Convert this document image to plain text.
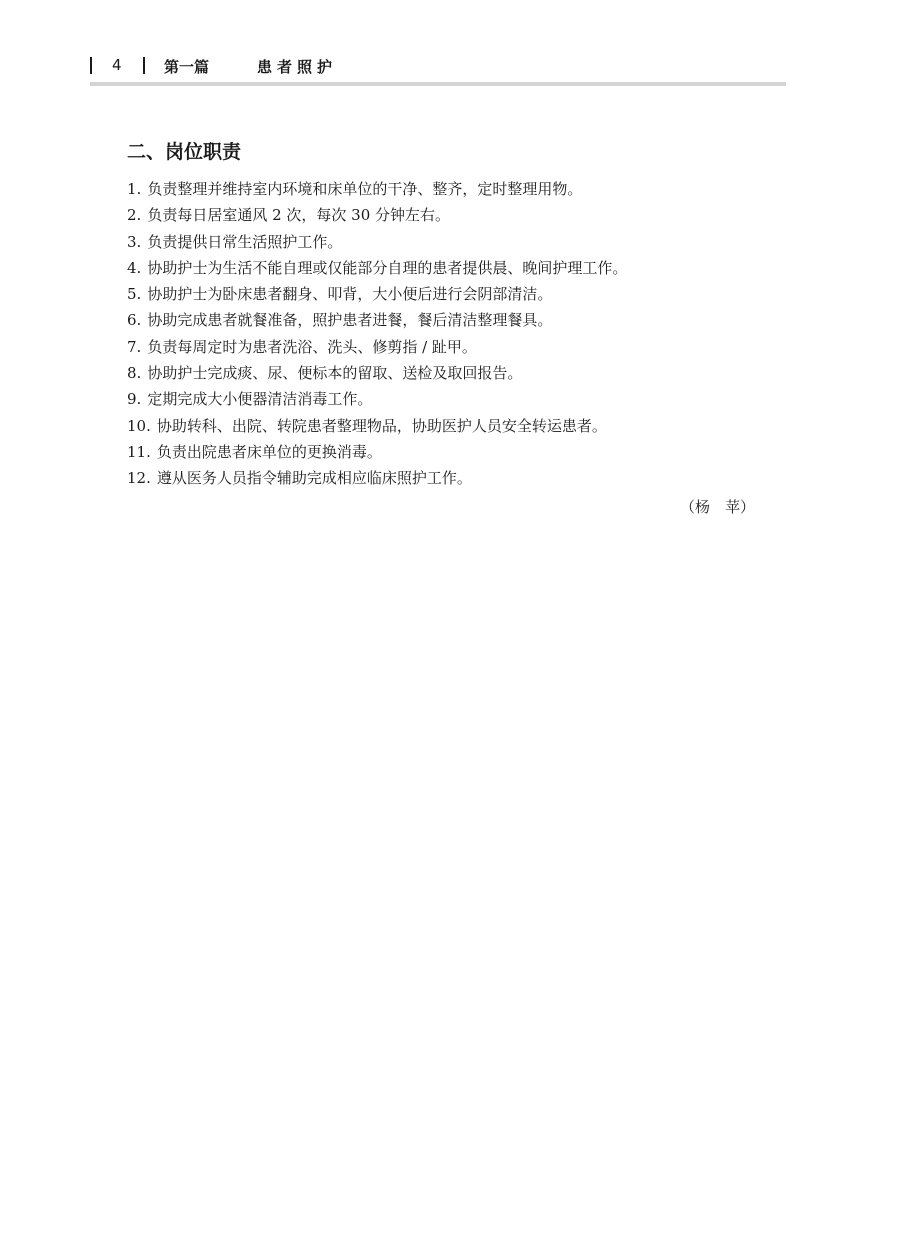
4	第一篇	患者照护
二、岗位职责
1. 负责整理并维持室内环境和床单位的干净、整齐，定时整理用物。
2. 负责每日居室通风 2 次，每次 30 分钟左右。
3. 负责提供日常生活照护工作。
4. 协助护士为生活不能自理或仅能部分自理的患者提供晨、晚间护理工作。
5. 协助护士为卧床患者翻身、叩背，大小便后进行会阴部清洁。
6. 协助完成患者就餐准备，照护患者进餐，餐后清洁整理餐具。
7. 负责每周定时为患者洗浴、洗头、修剪指 / 趾甲。
8. 协助护士完成痰、尿、便标本的留取、送检及取回报告。
9. 定期完成大小便器清洁消毒工作。
10. 协助转科、出院、转院患者整理物品，协助医护人员安全转运患者。
11. 负责出院患者床单位的更换消毒。
12. 遵从医务人员指令辅助完成相应临床照护工作。
（杨　苹）
